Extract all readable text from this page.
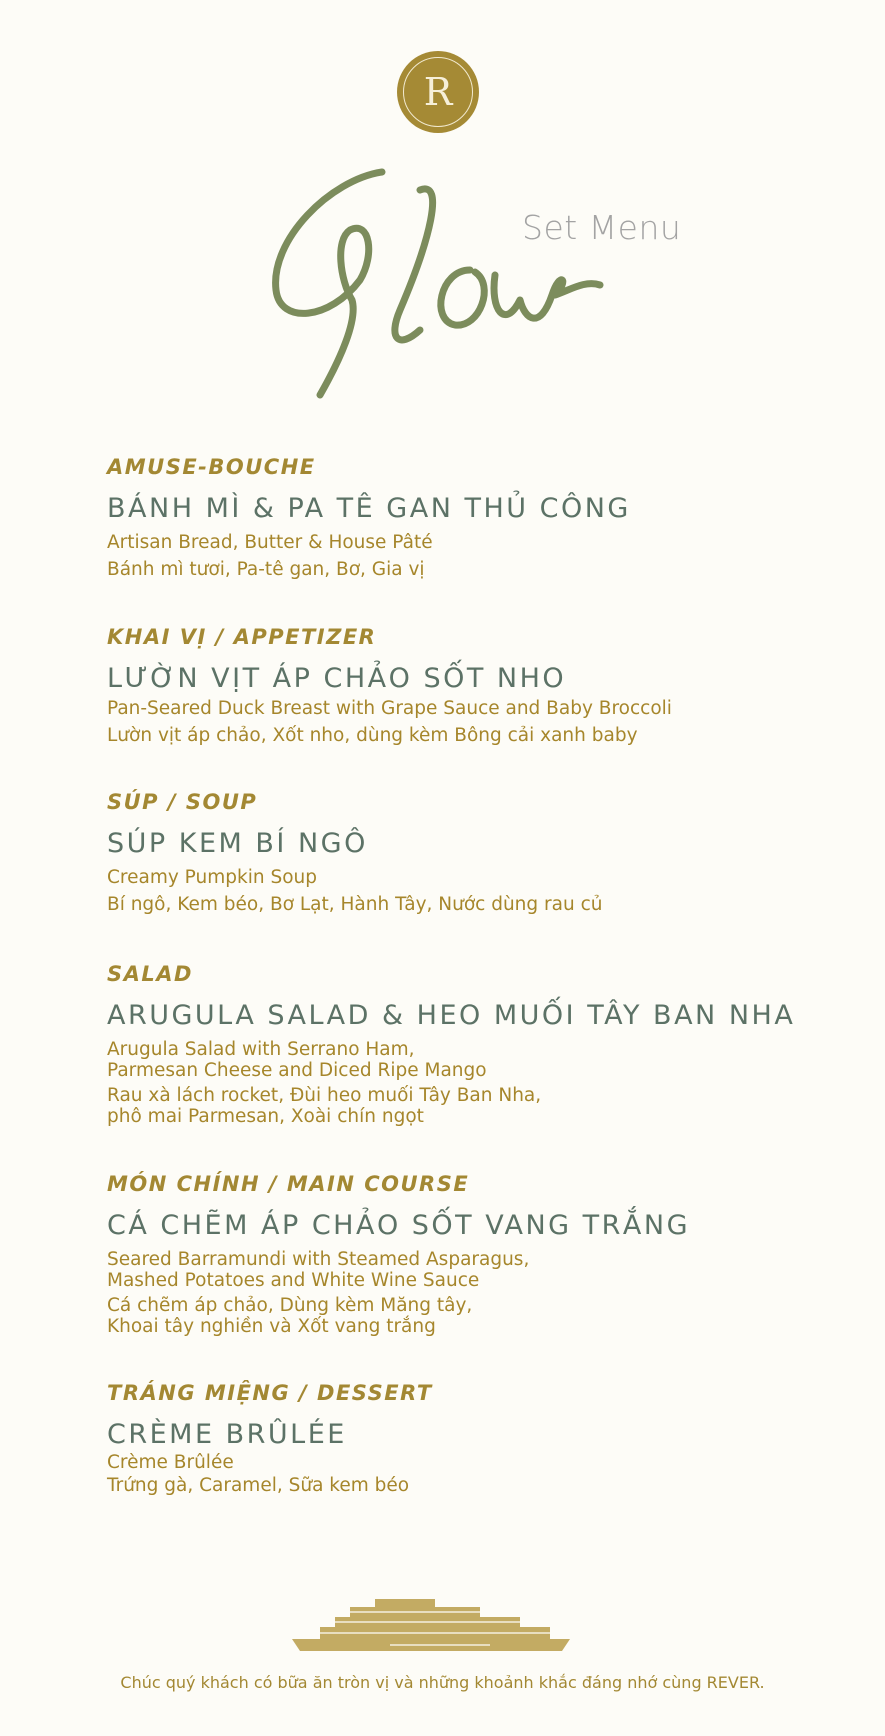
R
Set Menu
AMUSE-BOUCHE
BÁNH MÌ & PA TÊ GAN THỦ CÔNG
Artisan Bread, Butter & House Pâté
Bánh mì tươi, Pa-tê gan, Bơ, Gia vị
KHAI VỊ / APPETIZER
LƯỜN VỊT ÁP CHẢO SỐT NHO
Pan-Seared Duck Breast with Grape Sauce and Baby Broccoli
Lườn vịt áp chảo, Xốt nho, dùng kèm Bông cải xanh baby
SÚP / SOUP
SÚP KEM BÍ NGÔ
Creamy Pumpkin Soup
Bí ngô, Kem béo, Bơ Lạt, Hành Tây, Nước dùng rau củ
SALAD
ARUGULA SALAD & HEO MUỐI TÂY BAN NHA
Arugula Salad with Serrano Ham,
Parmesan Cheese and Diced Ripe Mango
Rau xà lách rocket, Đùi heo muối Tây Ban Nha,
phô mai Parmesan, Xoài chín ngọt
MÓN CHÍNH / MAIN COURSE
CÁ CHẼM ÁP CHẢO SỐT VANG TRẮNG
Seared Barramundi with Steamed Asparagus,
Mashed Potatoes and White Wine Sauce
Cá chẽm áp chảo, Dùng kèm Măng tây,
Khoai tây nghiền và Xốt vang trắng
TRÁNG MIỆNG / DESSERT
CRÈME BRÛLÉE
Crème Brûlée
Trứng gà, Caramel, Sữa kem béo
Chúc quý khách có bữa ăn tròn vị và những khoảnh khắc đáng nhớ cùng REVER.
